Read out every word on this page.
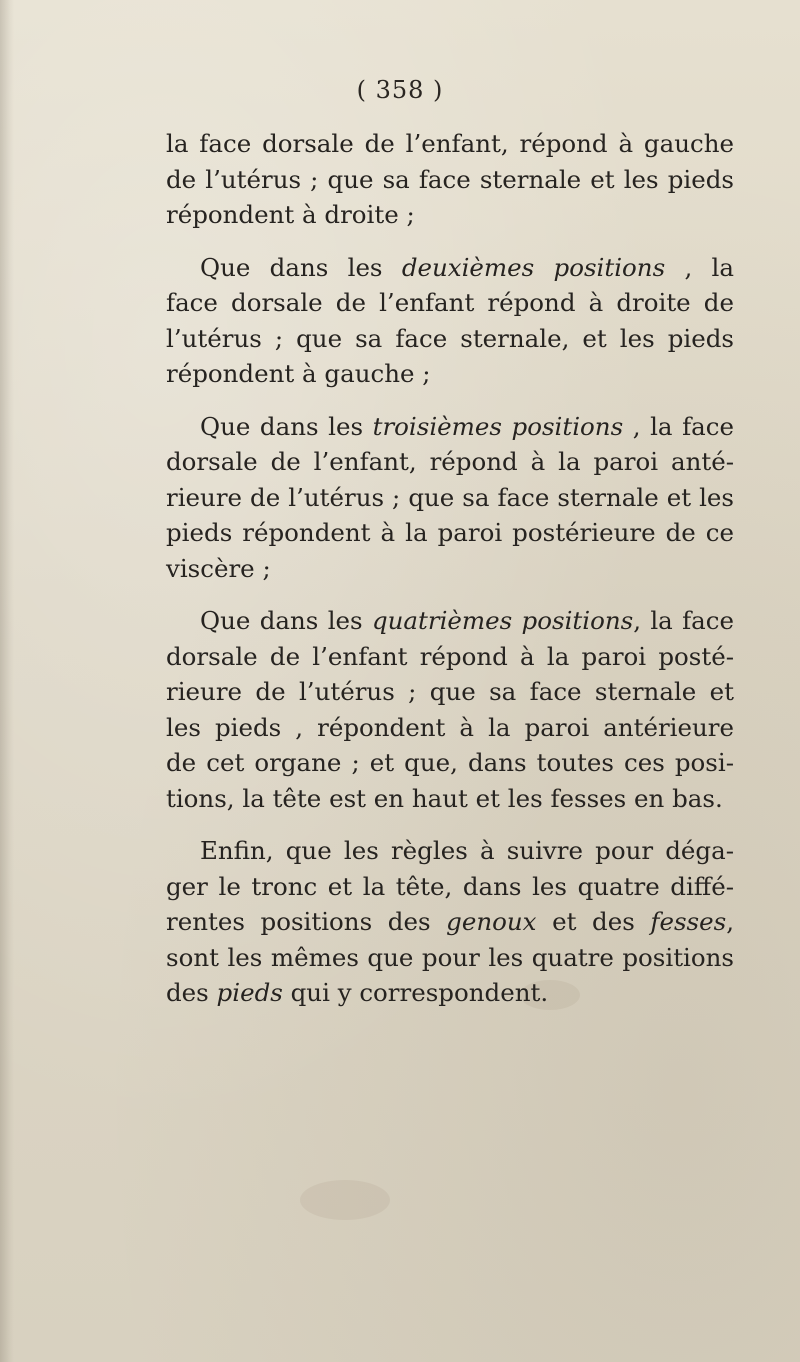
( 358 )

la face dorsale de l’enfant, répond à gauche
de l’utérus ; que sa face sternale et les pieds
répondent à droite ;

Que dans les deuxièmes positions , la
face dorsale de l’enfant répond à droite de
l’utérus ; que sa face sternale, et les pieds
répondent à gauche ;

Que dans les troisièmes positions , la face
dorsale de l’enfant, répond à la paroi anté-
rieure de l’utérus ; que sa face sternale et les
pieds répondent à la paroi postérieure de ce
viscère ;

Que dans les quatrièmes positions, la face
dorsale de l’enfant répond à la paroi posté-
rieure de l’utérus ; que sa face sternale et
les pieds , répondent à la paroi antérieure
de cet organe ; et que, dans toutes ces posi-
tions, la tête est en haut et les fesses en bas.

Enfin, que les règles à suivre pour déga-
ger le tronc et la tête, dans les quatre diffé-
rentes positions des genoux et des fesses,
sont les mêmes que pour les quatre positions
des pieds qui y correspondent.
